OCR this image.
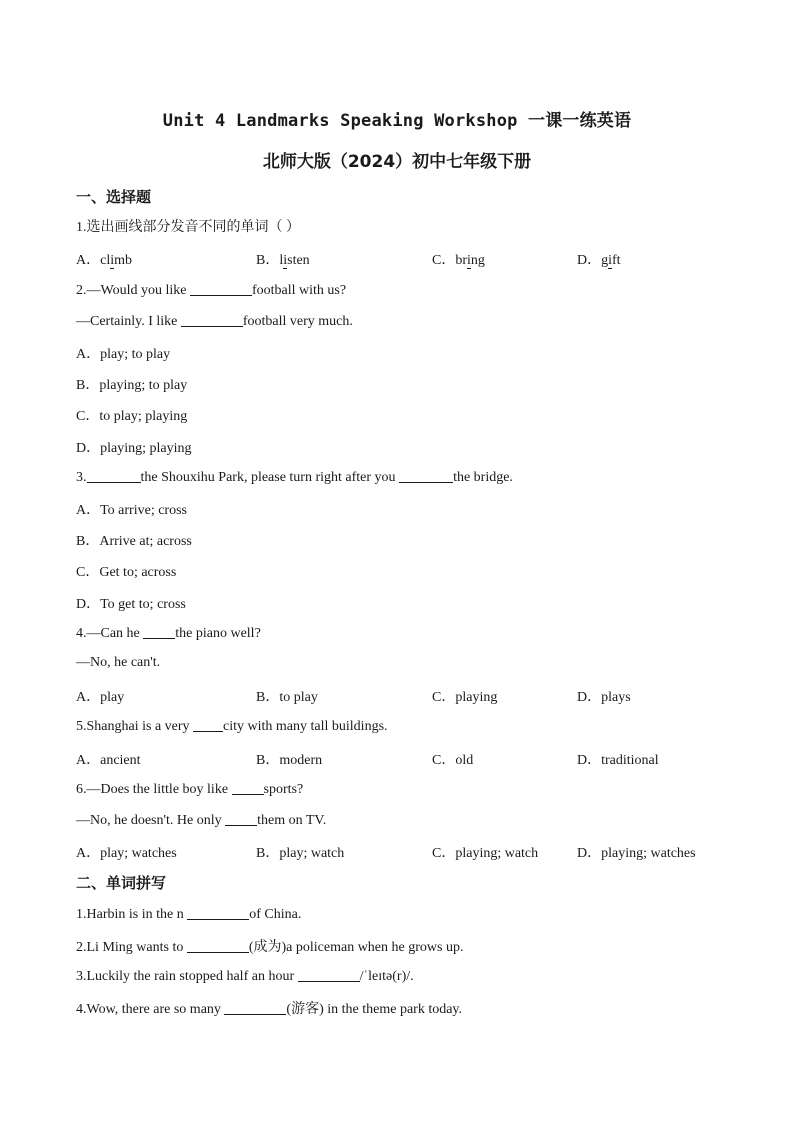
Unit 4 Landmarks Speaking Workshop 一课一练英语
北师大版（2024）初中七年级下册
一、选择题
1.选出画线部分发音不同的单词（ ）
A．climb	B．listen	C．bring	D．gift
2.—Would you like	football with us?
—Certainly. I like	football very much.
A．play; to play
B．playing; to play
C．to play; playing
D．playing; playing
3.	the Shouxihu Park, please turn right after you	the bridge.
A．To arrive; cross
B．Arrive at; across
C．Get to; across
D．To get to; cross
4.—Can he the piano well?
—No, he can't.
A．play	B．to play	C．playing	D．plays
5.Shanghai is a very city with many tall buildings.
A．ancient	B．modern	C．old	D．traditional
6.—Does the little boy like sports?
—No, he doesn't. He only them on TV.
A．play; watches	B．play; watch	C．playing; watch	D．playing; watches
二、单词拼写
1.Harbin is in the n	of China.
2.Li Ming wants to	(成为)a policeman when he grows up.
3.Luckily the rain stopped half an hour	/ˈleɪtə(r)/.
4.Wow, there are so many	(游客) in the theme park today.
